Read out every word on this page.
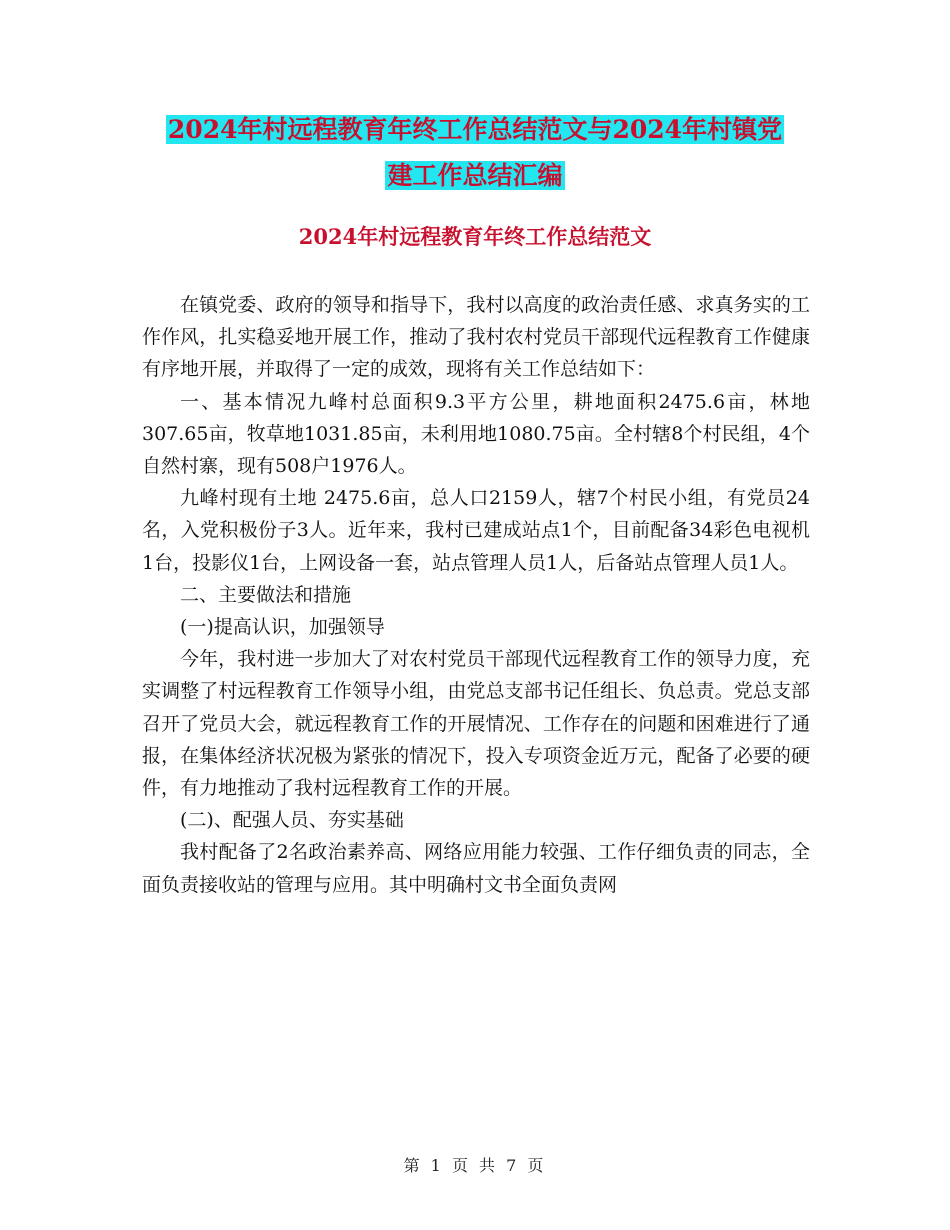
2024年村远程教育年终工作总结范文与2024年村镇党
建工作总结汇编
2024年村远程教育年终工作总结范文

在镇党委、政府的领导和指导下，我村以高度的政治责任感、求真务实的工作作风，扎实稳妥地开展工作，推动了我村农村党员干部现代远程教育工作健康有序地开展，并取得了一定的成效，现将有关工作总结如下：

一、基本情况九峰村总面积9.3平方公里，耕地面积2475.6亩，林地307.65亩，牧草地1031.85亩，未利用地1080.75亩。全村辖8个村民组，4个自然村寨，现有508户1976人。

九峰村现有土地 2475.6亩，总人口2159人，辖7个村民小组，有党员24名，入党积极份子3人。近年来，我村已建成站点1个，目前配备34彩色电视机1台，投影仪1台，上网设备一套，站点管理人员1人，后备站点管理人员1人。

二、主要做法和措施

(一)提高认识，加强领导

今年，我村进一步加大了对农村党员干部现代远程教育工作的领导力度，充实调整了村远程教育工作领导小组，由党总支部书记任组长、负总责。党总支部召开了党员大会，就远程教育工作的开展情况、工作存在的问题和困难进行了通报，在集体经济状况极为紧张的情况下，投入专项资金近万元，配备了必要的硬件，有力地推动了我村远程教育工作的开展。

(二)、配强人员、夯实基础

我村配备了2名政治素养高、网络应用能力较强、工作仔细负责的同志，全面负责接收站的管理与应用。其中明确村文书全面负责网

第 1 页 共 7 页
